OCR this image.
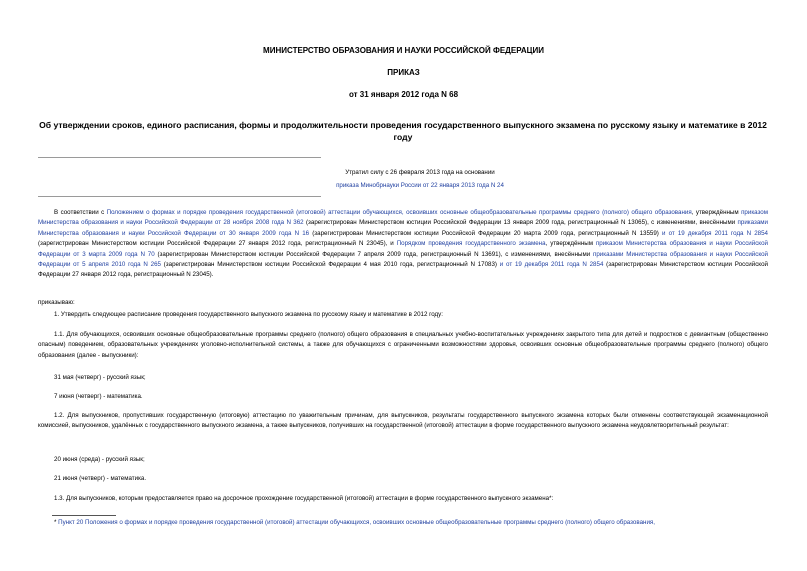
МИНИСТЕРСТВО ОБРАЗОВАНИЯ И НАУКИ РОССИЙСКОЙ ФЕДЕРАЦИИ
ПРИКАЗ
от 31 января 2012 года N 68
Об утверждении сроков, единого расписания, формы и продолжительности проведения государственного выпускного экзамена по русскому языку и математике в 2012 году
Утратил силу с 26 февраля 2013 года на основании
приказа Минобрнауки России от 22 января 2013 года N 24
В соответствии с Положением о формах и порядке проведения государственной (итоговой) аттестации обучающихся, освоивших основные общеобразовательные программы среднего (полного) общего образования, утверждённым приказом Министерства образования и науки Российской Федерации от 28 ноября 2008 года N 362 (зарегистрирован Министерством юстиции Российской Федерации 13 января 2009 года, регистрационный N 13065), с изменениями, внесёнными приказами Министерства образования и науки Российской Федерации от 30 января 2009 года N 16 (зарегистрирован Министерством юстиции Российской Федерации 20 марта 2009 года, регистрационный N 13559) и от 19 декабря 2011 года N 2854 (зарегистрирован Министерством юстиции Российской Федерации 27 января 2012 года, регистрационный N 23045), и Порядком проведения государственного экзамена, утверждённым приказом Министерства образования и науки Российской Федерации от 3 марта 2009 года N 70 (зарегистрирован Министерством юстиции Российской Федерации 7 апреля 2009 года, регистрационный N 13691), с изменениями, внесёнными приказами Министерства образования и науки Российской Федерации от 5 апреля 2010 года N 265 (зарегистрирован Министерством юстиции Российской Федерации 4 мая 2010 года, регистрационный N 17083) и от 19 декабря 2011 года N 2854 (зарегистрирован Министерством юстиции Российской Федерации 27 января 2012 года, регистрационный N 23045).
приказываю:
1. Утвердить следующее расписание проведения государственного выпускного экзамена по русскому языку и математике в 2012 году:
1.1. Для обучающихся, освоивших основные общеобразовательные программы среднего (полного) общего образования в специальных учебно-воспитательных учреждениях закрытого типа для детей и подростков с девиантным (общественно опасным) поведением, образовательных учреждениях уголовно-исполнительной системы, а также для обучающихся с ограниченными возможностями здоровья, освоивших основные общеобразовательные программы среднего (полного) общего образования (далее - выпускники):
31 мая (четверг) - русский язык;
7 июня (четверг) - математика.
1.2. Для выпускников, пропустивших государственную (итоговую) аттестацию по уважительным причинам, для выпускников, результаты государственного выпускного экзамена которых были отменены соответствующей экзаменационной комиссией, выпускников, удалённых с государственного выпускного экзамена, а также выпускников, получивших на государственной (итоговой) аттестации в форме государственного выпускного экзамена неудовлетворительный результат:
20 июня (среда) - русский язык;
21 июня (четверг) - математика.
1.3. Для выпускников, которым предоставляется право на досрочное прохождение государственной (итоговой) аттестации в форме государственного выпускного экзамена*:
* Пункт 20 Положения о формах и порядке проведения государственной (итоговой) аттестации обучающихся, освоивших основные общеобразовательные программы среднего (полного) общего образования,
